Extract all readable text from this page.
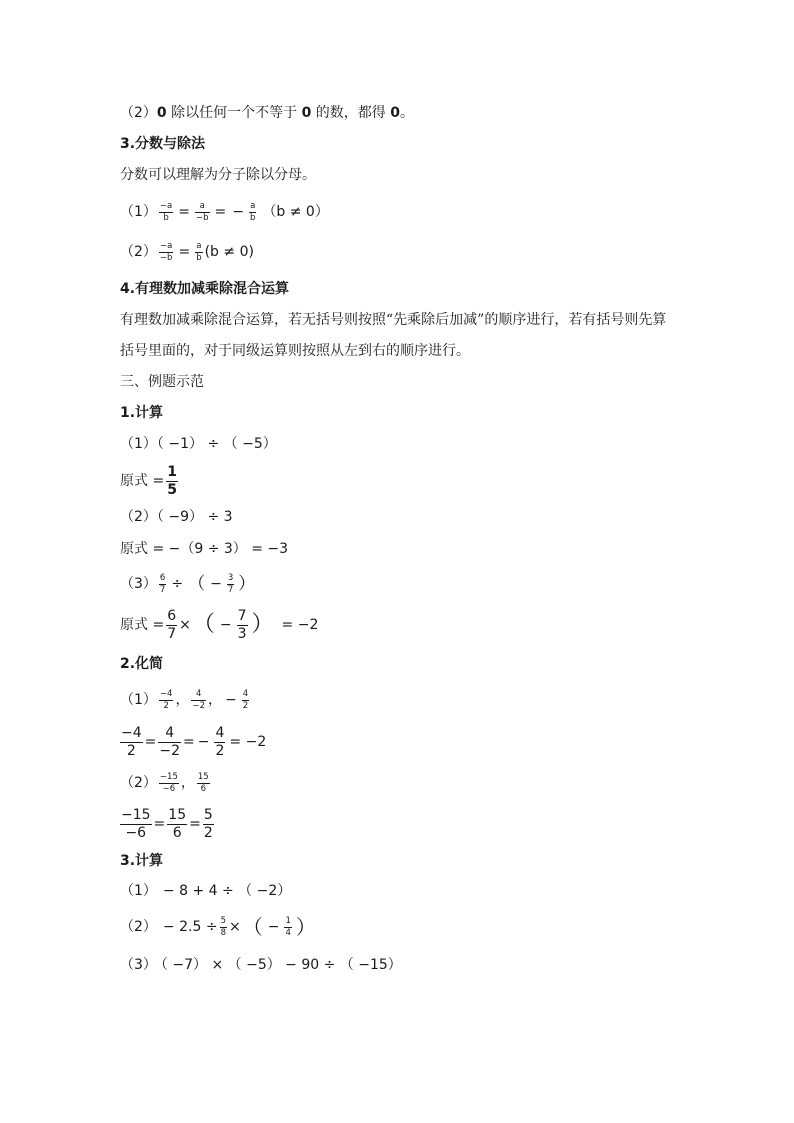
（2）0 除以任何一个不等于 0 的数，都得 0。
3.分数与除法
分数可以理解为分子除以分母。
$(1) \frac{-a}{b} = \frac{a}{-b}$ = − $\frac{a}{b} (b \ne 0)$
$(2) \frac{-a}{-b} = \frac{a}{b} (b \ne 0)$
4.有理数加减乘除混合运算
有理数加减乘除混合运算，若无括号则按照“先乘除后加减”的顺序进行，若有括号则先算
括号里面的，对于同级运算则按照从左到右的顺序进行。
三、例题示范
1.计算
（1）（ −1） ÷ （ −5）
原式 = $\frac{1}{5}$
（2）（ −9） ÷ 3
原式 = −（9 ÷ 3） = −3
$(3) \frac{6}{7}$ ÷ （ − $\frac{3}{7}$ ）
原式 = $\frac{6}{7}$ × （ − $\frac{7}{3}$ ） = −2
2.化简
$(1) \frac{-4}{2}$ ， $\frac{4}{-2}$ ， − $\frac{4}{2}$
$\frac{-4}{2} = \frac{4}{-2}$ = − $\frac{4}{2} = -2$
$(2) \frac{-15}{-6}$ ， $\frac{15}{6}$
$\frac{-15}{-6} = \frac{15}{6} = \frac{5}{2}$
3.计算
（1） − 8 + 4 ÷ （ −2）
$(2) - 2.5 \div \frac{5}{8}$ × （ − $\frac{1}{4}$ ）
（3） （ −7） × （ −5） − 90 ÷ （ −15）
